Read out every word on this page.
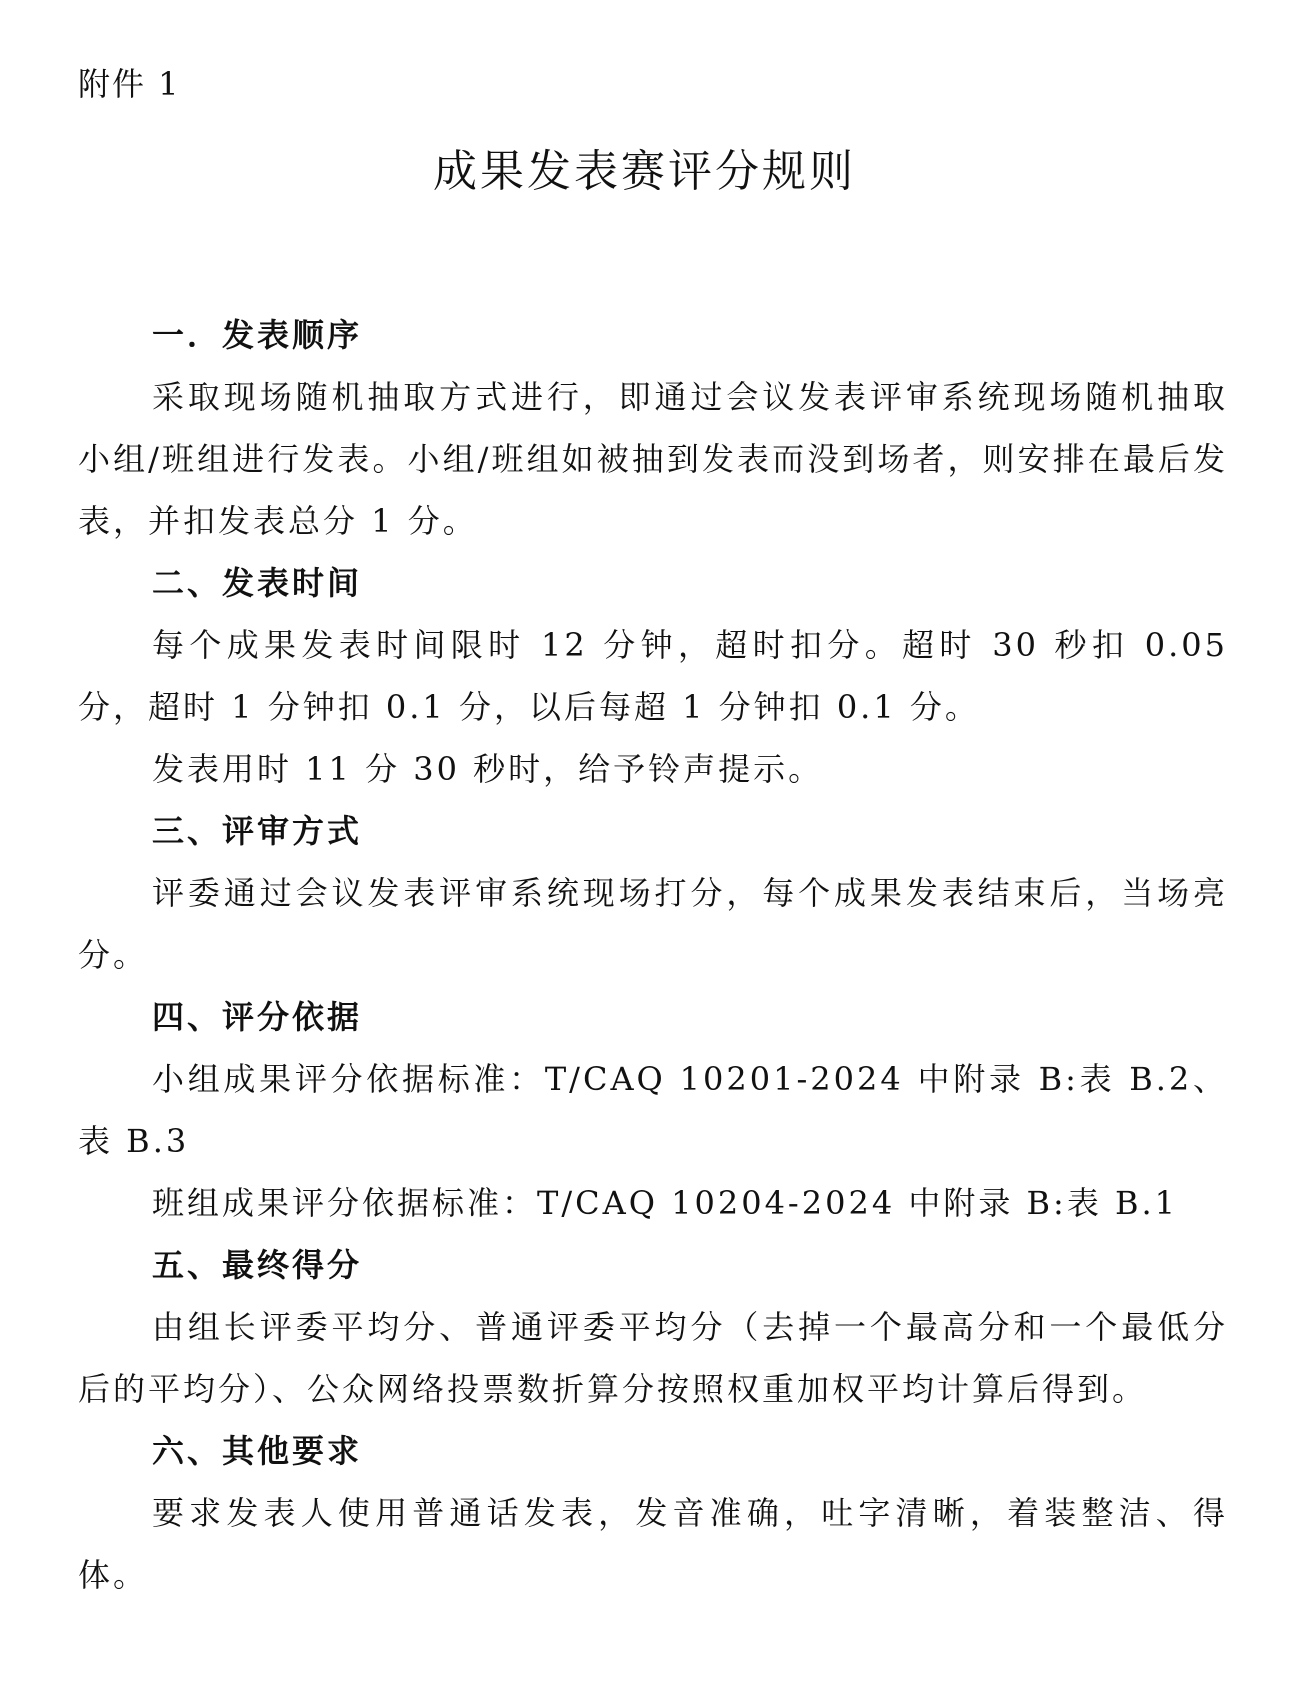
附件 1
成果发表赛评分规则
一．发表顺序

采取现场随机抽取方式进行，即通过会议发表评审系统现场随机抽取小组/班组进行发表。小组/班组如被抽到发表而没到场者，则安排在最后发表，并扣发表总分 1 分。

二、发表时间

每个成果发表时间限时 12 分钟，超时扣分。超时 30 秒扣 0.05 分，超时 1 分钟扣 0.1 分，以后每超 1 分钟扣 0.1 分。

发表用时 11 分 30 秒时，给予铃声提示。

三、评审方式

评委通过会议发表评审系统现场打分，每个成果发表结束后，当场亮分。

四、评分依据

小组成果评分依据标准：T/CAQ 10201-2024 中附录 B:表 B.2、表 B.3

班组成果评分依据标准：T/CAQ 10204-2024 中附录 B:表 B.1

五、最终得分

由组长评委平均分、普通评委平均分（去掉一个最高分和一个最低分后的平均分）、公众网络投票数折算分按照权重加权平均计算后得到。

六、其他要求

要求发表人使用普通话发表，发音准确，吐字清晰，着装整洁、得体。
